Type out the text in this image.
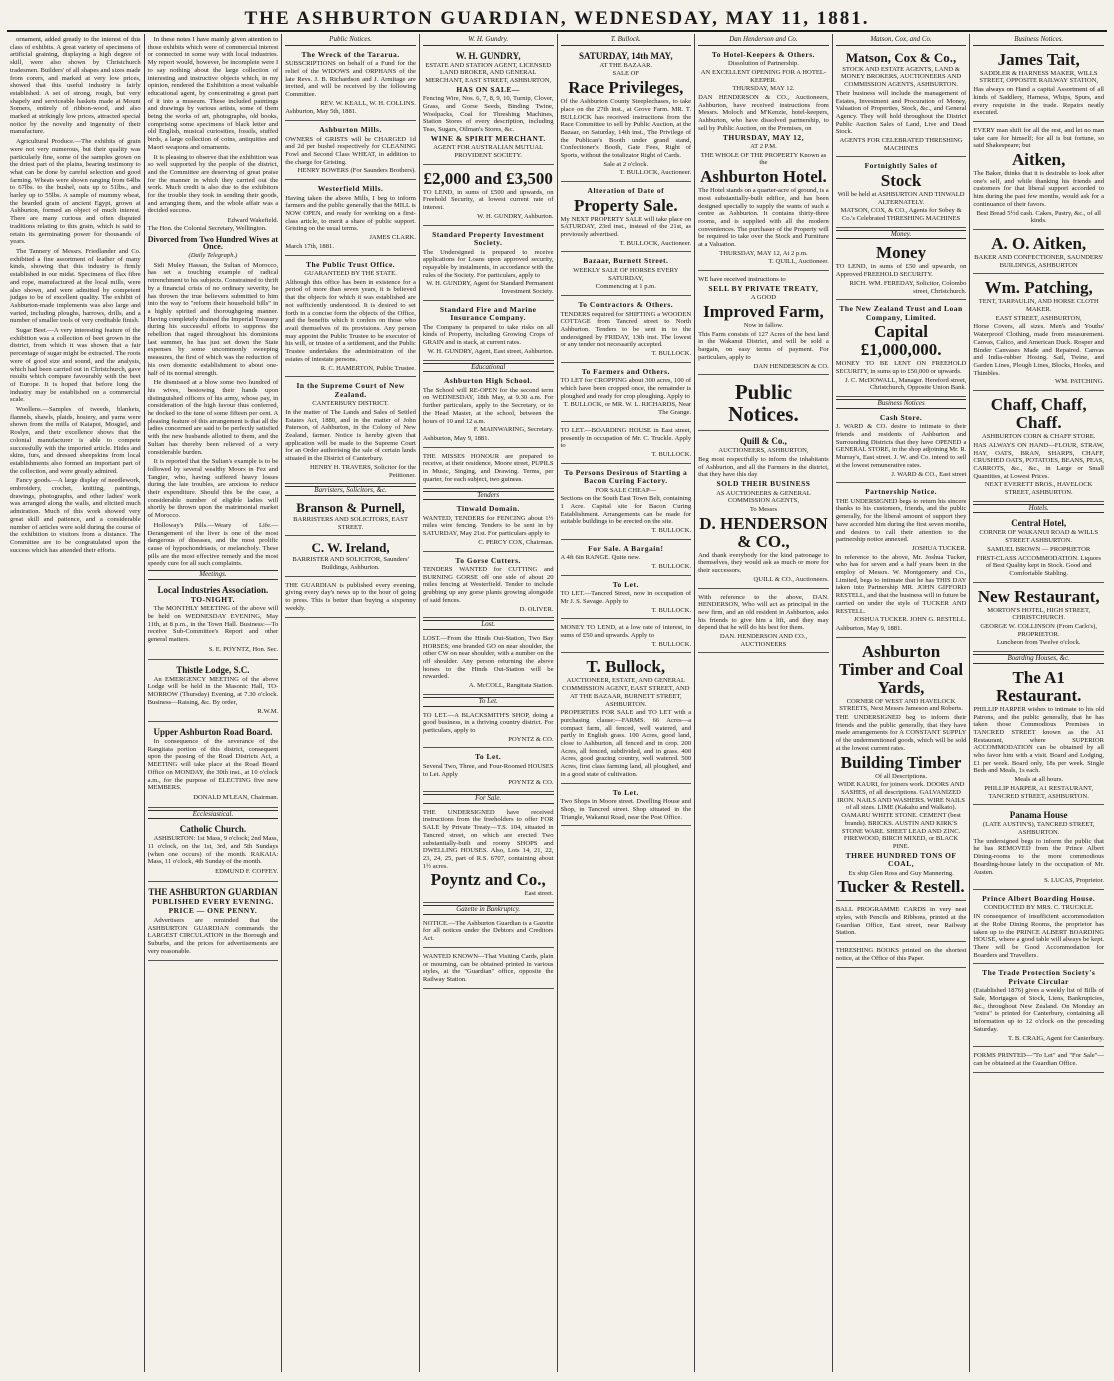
THE ASHBURTON GUARDIAN, WEDNESDAY, MAY 11, 1881.

ornament, added greatly to the interest of this class of exhibits. A great variety of specimens of artificial graining, displaying a high degree of skill, were also shown by Christchurch tradesmen. Builders' of all shapes and sizes made from corers, and marked at very low prices, showed that this useful industry is fairly established. A set of strong, rough, but very shapely and serviceable baskets made at Mount Somers, entirely of ribbon-wood, and also marked at strikingly low prices, attracted special notice by the novelty and ingenuity of their manufacture.

Agricultural Produce.—The exhibits of grain were not very numerous, but their quality was particularly fine, some of the samples grown on the driest part of the plains, bearing testimony to what can be done by careful selection and good farming. Wheats were shown ranging from 64lbs to 67lbs. to the bushel, oats up to 51lbs., and barley up to 55lbs. A sample of mummy wheat, the bearded grain of ancient Egypt, grown at Ashburton, formed an object of much interest. There are many curious and often disputed traditions relating to this grain, which is said to retain its germinating power for thousands of years.

The Tannery of Messrs. Friedlander and Co. exhibited a fine assortment of leather of many kinds, showing that this industry is firmly established in our midst. Specimens of flax fibre and rope, manufactured at the local mills, were also shown, and were admitted by competent judges to be of excellent quality. The exhibit of Ashburton-made implements was also large and varied, including ploughs, harrows, drills, and a number of smaller tools of very creditable finish.

Sugar Beet.—A very interesting feature of the exhibition was a collection of beet grown in the district, from which it was shown that a fair percentage of sugar might be extracted. The roots were of good size and sound, and the analysis, which had been carried out in Christchurch, gave results which compare favourably with the beet of Europe. It is hoped that before long the industry may be established on a commercial scale.

Woollens.—Samples of tweeds, blankets, flannels, shawls, plaids, hosiery, and yarns were shown from the mills of Kaiapoi, Mosgiel, and Roslyn, and their excellence shows that the colonial manufacturer is able to compete successfully with the imported article. Hides and skins, furs, and dressed sheepskins from local establishments also formed an important part of the collection, and were greatly admired.

Fancy goods.—A large display of needlework, embroidery, crochet, knitting, paintings, drawings, photographs, and other ladies' work was arranged along the walls, and elicited much admiration. Much of this work showed very great skill and patience, and a considerable number of articles were sold during the course of the exhibition to visitors from a distance. The Committee are to be congratulated upon the success which has attended their efforts.

In these notes I have mainly given attention to those exhibits which were of commercial interest or connected in some way with local industries. My report would, however, be incomplete were I to say nothing about the large collection of interesting and instructive objects which, in my opinion, rendered the Exhibition a most valuable educational agent, by concentrating a great part of it into a museum. These included paintings and drawings by various artists, some of them being the works of art, photographs, old books, comprising some specimens of black letter and old English, musical curiosities, fossils, stuffed birds, a large collection of coins, antiquities and Maori weapons and ornaments.

It is pleasing to observe that the exhibition was so well supported by the people of the district, and the Committee are deserving of great praise for the manner in which they carried out the work. Much credit is also due to the exhibitors for the trouble they took in sending their goods, and arranging them, and the whole affair was a decided success.

Edward Wakefield.
The Hon. the Colonial Secretary, Wellington.
Divorced from Two Hundred Wives at Once.
(Daily Telegraph.)

Sidi Muley Hassan, the Sultan of Morocco, has set a touching example of radical retrenchment to his subjects. Constrained to thrift by a financial crisis of no ordinary severity, he has thrown the true believers submitted to him into the way to "reform their household bills" in a highly spirited and thoroughgoing manner. Having completely drained the Imperial Treasury during his successful efforts to suppress the rebellion that raged throughout his dominions last summer, he has just set down the State expenses by some uncommonly sweeping measures, the first of which was the reduction of his own domestic establishment to about one-half of its normal strength.

He dismissed at a blow some two hundred of his wives, bestowing their hands upon distinguished officers of his army, whose pay, in consideration of the high favour thus conferred, he docked to the tune of some fifteen per cent. A pleasing feature of this arrangement is that all the ladies concerned are said to be perfectly satisfied with the new husbands allotted to them, and the Sultan has thereby been relieved of a very considerable burden.

It is reported that the Sultan's example is to be followed by several wealthy Moors in Fez and Tangier, who, having suffered heavy losses during the late troubles, are anxious to reduce their expenditure. Should this be the case, a considerable number of eligible ladies will shortly be thrown upon the matrimonial market of Morocco.

Holloway's Pills.—Weary of Life.—Derangement of the liver is one of the most dangerous of diseases, and the most prolific cause of hypochondriasis, or melancholy. These pills are the most effective remedy and the most speedy cure for all such complaints.

Meetings.
Local Industries Association.
TO-NIGHT.

The MONTHLY MEETING of the above will be held on WEDNESDAY EVENING, May 11th, at 8 p.m., in the Town Hall. Business:—To receive Sub-Committee's Report and other general matters.

S. E. POYNTZ, Hon. Sec.

Thistle Lodge, S.C.

An EMERGENCY MEETING of the above Lodge will be held in the Masonic Hall, TO-MORROW (Thursday) Evening, at 7.30 o'clock. Business—Raising, &c. By order,

R.W.M.

Upper Ashburton Road Board.

In consequence of the severance of the Rangitata portion of this district, consequent upon the passing of the Road Districts Act, a MEETING will take place at the Road Board Office on MONDAY, the 30th inst., at 10 o'clock a.m., for the purpose of ELECTING five new MEMBERS.

DONALD M'LEAN, Chairman.

Ecclesiastical.
Catholic Church.

ASHBURTON: 1st Mass, 9 o'clock; 2nd Mass, 11 o'clock, on the 1st, 3rd, and 5th Sundays (when one occurs) of the month. RAKAIA: Mass, 11 o'clock, 4th Sunday of the month.

EDMUND F. COFFEY.

THE ASHBURTON GUARDIAN
PUBLISHED EVERY EVENING.
PRICE — ONE PENNY.

Advertisers are reminded that the ASHBURTON GUARDIAN commands the LARGEST CIRCULATION in the Borough and Suburbs, and the prices for advertisements are very reasonable.

Public Notices.
The Wreck of the Tararua.

SUBSCRIPTIONS on behalf of a Fund for the relief of the WIDOWS and ORPHANS of the late Revs. J. B. Richardson and J. Armitage are invited, and will be received by the following Committee.

REV. W. KEALL, W. H. COLLINS.

Ashburton, May 5th, 1881.

Ashburton Mills.

OWNERS of GRISTS will be CHARGED 1d and 2d per bushel respectively for CLEANING Fowl and Second Class WHEAT, in addition to the charge for Gristing.

HENRY BOWERS (For Saunders Brothers).

Westerfield Mills.

Having taken the above Mills, I beg to inform farmers and the public generally that the MILL is NOW OPEN, and ready for working on a first-class article, to merit a share of public support. Gristing on the usual terms.

JAMES CLARK.

March 17th, 1881.

The Public Trust Office.

GUARANTEED BY THE STATE.

Although this office has been in existence for a period of more than seven years, it is believed that the objects for which it was established are not sufficiently understood. It is desired to set forth in a concise form the objects of the Office, and the benefits which it confers on those who avail themselves of its provisions. Any person may appoint the Public Trustee to be executor of his will, or trustee of a settlement, and the Public Trustee undertakes the administration of the estates of intestate persons.

R. C. HAMERTON, Public Trustee.

In the Supreme Court of New Zealand.

CANTERBURY DISTRICT.

In the matter of The Lands and Sales of Settled Estates Act, 1880, and in the matter of John Paterson, of Ashburton, in the Colony of New Zealand, farmer. Notice is hereby given that application will be made to the Supreme Court for an Order authorising the sale of certain lands situated in the District of Canterbury.

HENRY H. TRAVERS, Solicitor for the Petitioner.

Barristers, Solicitors, &c.
Branson & Purnell,

BARRISTERS AND SOLICITORS, EAST STREET.

C. W. Ireland,

BARRISTER AND SOLICITOR, Saunders' Buildings, Ashburton.

THE GUARDIAN is published every evening, giving every day's news up to the hour of going to press. This is better than buying a sixpenny weekly.

W. H. Gundry.
W. H. GUNDRY,

ESTATE AND STATION AGENT, LICENSED LAND BROKER, AND GENERAL MERCHANT, EAST STREET, ASHBURTON,

HAS ON SALE—

Fencing Wire, Nos. 6, 7, 8, 9, 10, Turnip, Clover, Grass, and Gorse Seeds, Binding Twine, Woolpacks, Coal for Threshing Machines, Station Stores of every description, including Teas, Sugars, Oilman's Stores, &c.

WINE & SPIRIT MERCHANT.

AGENT FOR AUSTRALIAN MUTUAL PROVIDENT SOCIETY.

£2,000 and £3,500

TO LEND, in sums of £500 and upwards, on Freehold Security, at lowest current rate of interest.

W. H. GUNDRY, Ashburton.

Standard Property Investment Society.

The Undersigned is prepared to receive applications for Loans upon approved security, repayable by instalments, in accordance with the rules of the Society. For particulars, apply to

W. H. GUNDRY, Agent for Standard Permanent Investment Society.

Standard Fire and Marine Insurance Company.

The Company is prepared to take risks on all kinds of Property, including Growing Crops of GRAIN and in stack, at current rates.

W. H. GUNDRY, Agent, East street, Ashburton.

Educational
Ashburton High School.

The School will RE-OPEN for the second term on WEDNESDAY, 18th May, at 9.30 a.m. For further particulars, apply to the Secretary, or to the Head Master, at the school, between the hours of 10 and 12 a.m.

F. MAINWARING, Secretary.

Ashburton, May 9, 1881.

THE MISSES HONOUR are prepared to receive, at their residence, Moore street, PUPILS in Music, Singing, and Drawing. Terms, per quarter, for each subject, two guineas.

Tenders
Tinwald Domain.

WANTED, TENDERS for FENCING about 1½ miles wire fencing. Tenders to be sent in by SATURDAY, May 21st. For particulars apply to

C. PERCY COX, Chairman.

To Gorse Cutters.

TENDERS WANTED for CUTTING and BURNING GORSE off one side of about 20 miles fencing at Westerfield. Tender to include grubbing up any gorse plants growing alongside of said fences.

D. OLIVER.

Lost.

LOST.—From the Hinds Out-Station, Two Bay HORSES; one branded GO on near shoulder, the other CW on near shoulder, with a number on the off shoulder. Any person returning the above horses to the Hinds Out-Station will be rewarded.

A. McCOLL, Rangitata Station.

To Let.

TO LET.—A BLACKSMITH'S SHOP, doing a good business, in a thriving country district. For particulars, apply to

POYNTZ & CO.

To Let.

Several Two, Three, and Four-Roomed HOUSES to Let. Apply

POYNTZ & CO.

For Sale.

THE UNDERSIGNED have received instructions from the freeholders to offer FOR SALE by Private Treaty—T.S. 104, situated in Tancred street, on which are erected Two substantially-built and roomy SHOPS and DWELLING HOUSES. Also, Lots 14, 21, 22, 23, 24, 25, part of R.S. 6707, containing about 1½ acres.

Poyntz and Co.,

East street.

Gazette in Bankruptcy.

NOTICE.—The Ashburton Guardian is a Gazette for all notices under the Debtors and Creditors Act.

WANTED KNOWN—That Visiting Cards, plain or mourning, can be obtained printed in various styles, at the "Guardian" office, opposite the Railway Station.

T. Bullock.
SATURDAY, 14th MAY,

AT THE BAZAAR.

SALE OF

Race Privileges,

Of the Ashburton County Steeplechases, to take place on the 27th inst., at Grove Farm. MR. T. BULLOCK has received instructions from the Race Committee to sell by Public Auction, at the Bazaar, on Saturday, 14th inst., The Privilege of the Publican's Booth under grand stand, Confectioner's Booth, Gate Fees, Right of Sports, without the totalizator Right of Cards.

Sale at 2 o'clock.

T. BULLOCK, Auctioneer.

Alteration of Date of
Property Sale.

My NEXT PROPERTY SALE will take place on SATURDAY, 23rd inst., instead of the 21st, as previously advertised.

T. BULLOCK, Auctioneer.

Bazaar, Burnett Street.

WEEKLY SALE OF HORSES EVERY SATURDAY,

Commencing at 1 p.m.

To Contractors & Others.

TENDERS required for SHIFTING a WOODEN COTTAGE from Tancred street to North Ashburton. Tenders to be sent in to the undersigned by FRIDAY, 13th inst. The lowest or any tender not necessarily accepted.

T. BULLOCK.

To Farmers and Others.

TO LET for CROPPING about 300 acres, 100 of which have been cropped once, the remainder is ploughed and ready for crop ploughing. Apply to

T. BULLOCK, or MR. W. L. RICHARDS, Near The Grange.

TO LET.—BOARDING HOUSE in East street, presently in occupation of Mr. C. Truckle. Apply to

T. BULLOCK.

To Persons Desirous of Starting a Bacon Curing Factory.

FOR SALE CHEAP—

Sections on the South East Town Belt, containing 1 Acre. Capital site for Bacon Curing Establishment. Arrangements can be made for suitable buildings to be erected on the site.

T. BULLOCK.

For Sale. A Bargain!

A 4ft 6in RANGE. Quite new.

T. BULLOCK.

To Let.

TO LET.—Tancred Street, now in occupation of Mr J. S. Savage. Apply to

T. BULLOCK.

MONEY TO LEND, at a low rate of interest, in sums of £50 and upwards. Apply to

T. BULLOCK.

T. Bullock,

AUCTIONEER, ESTATE, AND GENERAL COMMISSION AGENT, EAST STREET, AND AT THE BAZAAR, BURNETT STREET, ASHBURTON.

PROPERTIES FOR SALE and TO LET with a purchasing clause:—FARMS. 66 Acres—a compact farm, all fenced, well watered, and partly in English grass. 100 Acres, good land, close to Ashburton, all fenced and in crop. 200 Acres, all fenced, subdivided, and in grass. 400 Acres, good grazing country, well watered. 500 Acres, first class farming land, all ploughed, and in a good state of cultivation.

To Let.

Two Shops in Moore street. Dwelling House and Shop, in Tancred street. Shop situated in the Triangle, Wakanui Road, near the Post Office.

Dan Henderson and Co.
To Hotel-Keepers & Others.

Dissolution of Partnership.

AN EXCELLENT OPENING FOR A HOTEL-KEEPER.

THURSDAY, MAY 12.

DAN HENDERSON & CO., Auctioneers, Ashburton, have received instructions from Messrs. Moloch and M'Kenzie, hotel-keepers, Ashburton, who have dissolved partnership, to sell by Public Auction, on the Premises, on

THURSDAY, MAY 12,

AT 2 P.M.

THE WHOLE OF THE PROPERTY Known as the

Ashburton Hotel.

The Hotel stands on a quarter-acre of ground, is a most substantially-built edifice, and has been designed specially to supply the wants of such a centre as Ashburton. It contains thirty-three rooms, and is supplied with all the modern conveniences. The purchaser of the Property will be required to take over the Stock and Furniture at a Valuation.

THURSDAY, MAY 12, At 2 p.m.

T. QUILL, Auctioneer.

WE have received instructions to

SELL BY PRIVATE TREATY,

A GOOD

Improved Farm,

Now in fallow.

This Farm consists of 127 Acres of the best land in the Wakanui District, and will be sold a bargain, on easy terms of payment. For particulars, apply to

DAN HENDERSON & CO.

Public Notices.
Quill & Co.,

AUCTIONEERS, ASHBURTON,

Beg most respectfully to inform the inhabitants of Ashburton, and all the Farmers in the district, that they have this day

SOLD THEIR BUSINESS

AS AUCTIONEERS & GENERAL COMMISSION AGENTS,

To Messrs

D. HENDERSON & CO.,

And thank everybody for the kind patronage to themselves, they would ask as much or more for their successors.

QUILL & CO., Auctioneers.

With reference to the above, DAN. HENDERSON, Who will act as principal in the new firm, and an old resident in Ashburton, asks his friends to give him a lift, and they may depend that he will do his best for them.

DAN. HENDERSON AND CO., AUCTIONEERS

Matson, Cox, and Co.
Matson, Cox & Co.,

STOCK AND ESTATE AGENTS, LAND & MONEY BROKERS, AUCTIONEERS AND COMMISSION AGENTS, ASHBURTON.

Their business will include the management of Estates, Investment and Procuration of Money, Valuation of Properties, Stock, &c., and General Agency. They will hold throughout the District Public Auction Sales of Land, Live and Dead Stock.

AGENTS FOR CELEBRATED THRESHING MACHINES

Fortnightly Sales of
Stock

Will be held at ASHBURTON AND TINWALD ALTERNATELY.

MATSON, COX, & CO., Agents for Sobey & Co.'s Celebrated THRESHING MACHINES

Money.
Money

TO LEND, in sums of £50 and upwards, on Approved FREEHOLD SECURITY.

RICH. WM. FEREDAY, Solicitor, Colombo street, Christchurch.

The New Zealand Trust and Loan Company, Limited.
Capital £1,000,000.

MONEY TO BE LENT ON FREEHOLD SECURITY, in sums up to £50,000 or upwards.

J. C. McDOWALL, Manager. Hereford street, Christchurch, Opposite Union Bank.

Business Notices
Cash Store.

J. WARD & CO. desire to intimate to their friends and residents of Ashburton and Surrounding Districts that they have OPENED a GENERAL STORE, in the shop adjoining Mr. R. Murray's, East street. J. W. and Co. intend to sell at the lowest remunerative rates.

J. WARD & CO., East street

Partnership Notice.

THE UNDERSIGNED begs to return his sincere thanks to his customers, friends, and the public generally, for the liberal amount of support they have accorded him during the first seven months, and desires to call their attention to the partnership notice annexed.

JOSHUA TUCKER.

In reference to the above, Mr. Joshua Tucker, who has for seven and a half years been in the employ of Messrs. W. Montgomery and Co., Limited, begs to intimate that he has THIS DAY taken into Partnership MR. JOHN GIFFORD RESTELL, and that the business will in future be carried on under the style of TUCKER AND RESTELL.

JOSHUA TUCKER. JOHN G. RESTELL.

Ashburton, May 9, 1881.

Ashburton Timber and Coal Yards,

CORNER OF WEST AND HAVELOCK STREETS, Next Messrs Jameson and Roberts.

THE UNDERSIGNED beg to inform their friends and the public generally, that they have made arrangements for A CONSTANT SUPPLY of the undermentioned goods, which will be sold at the lowest current rates.

Building Timber

Of all Descriptions.

WIDE KAURI, for joiners work. DOORS AND SASHES, of all descriptions. GALVANIZED IRON. NAILS AND WASHERS. WIRE NAILS of all sizes. LIME (Kakahu and Walkato). OAMARU WHITE STONE. CEMENT (best brands). BRICKS. AUSTIN AND KIRK'S STONE WARE. SHEET LEAD AND ZINC. FIREWOOD, BIRCH MIXED, or BLACK PINE.

THREE HUNDRED TONS OF COAL,

Ex ship Glen Ross and Guy Mannering.

Tucker & Restell.

BALL PROGRAMME CARDS in very neat styles, with Pencils and Ribbons, printed at the Guardian Office, East street, near Railway Station.

THRESHING BOOKS printed on the shortest notice, at the Office of this Paper.

Business Notices.
James Tait,

SADDLER & HARNESS MAKER, WILLS STREET, OPPOSITE RAILWAY STATION,

Has always on Hand a capital Assortment of all kinds of Saddlery, Harness, Whips, Spurs, and every requisite in the trade. Repairs neatly executed.

EVERY man shift for all the rest, and let no man take care for himself; for all is but fortune, so said Shakespeare; but

Aitken,

The Baker, thinks that it is desirable to look after one's self, and while thanking his friends and customers for that liberal support accorded to him during the past few months, would ask for a continuance of their favors.

Best Bread 5½d cash. Cakes, Pastry, &c., of all kinds.

A. O. Aitken,

BAKER AND CONFECTIONER, SAUNDERS' BUILDINGS, ASHBURTON

Wm. Patching,

TENT, TARPAULIN, AND HORSE CLOTH MAKER.

EAST STREET, ASHBURTON,

Horse Covers, all sizes. Men's and Youths' Waterproof Clothing, made from measurement. Canvas, Calico, and American Duck. Rosper and Binder Canvases Made and Repaired. Canvas and India-rubber Hosing. Sail, Twine, and Garden Lines, Plough Lines, Blocks, Hooks, and Thimbles.

WM. PATCHING.

Chaff, Chaff, Chaff.

ASHBURTON CORN & CHAFF STORE.

HAS ALWAYS ON HAND—FLOUR, STRAW, HAY, OATS, BRAN, SHARPS, CHAFF, CRUSHED OATS, POTATOES, BEANS, PEAS, CARROTS, &c., &c., in Large or Small Quantities, at Lowest Prices.

NEXT EVERETT BROS., HAVELOCK STREET, ASHBURTON.

Hotels.
Central Hotel,

CORNER OF WAKANUI ROAD & WILLS STREET ASHBURTON.

SAMUEL BROWN — PROPRIETOR

FIRST-CLASS ACCOMMODATION. Liquors of Best Quality kept in Stock. Good and Comfortable Stabling.

New Restaurant,

MORTON'S HOTEL, HIGH STREET, CHRISTCHURCH.

GEORGE W. COLLINSON (From Carlo's), PROPRIETOR.

Luncheon from Twelve o'clock.

Boarding Houses, &c.
The A1 Restaurant.

PHILLIP HARPER wishes to intimate to his old Patrons, and the public generally, that he has taken those Commodious Premises in TANCRED STREET known as the A1 Restaurant, where SUPERIOR ACCOMMODATION can be obtained by all who favor him with a visit. Board and Lodging, £1 per week. Board only, 18s per week. Single Beds and Meals, 1s each.

Meals at all hours.

PHILLIP HARPER, A1 RESTAURANT, TANCRED STREET, ASHBURTON.

Panama House

(LATE AUSTIN'S), TANCRED STREET, ASHBURTON.

The undersigned begs to inform the public that he has REMOVED from the Prince Albert Dining-rooms to the more commodious Boarding-house lately in the occupation of Mr. Austen.

S. LUCAS, Proprietor.

Prince Albert Boarding House.

CONDUCTED BY MRS. C. TRUCKLE.

IN consequence of insufficient accommodation at the Robe Dining Rooms, the proprietor has taken up to the PRINCE ALBERT BOARDING HOUSE, where a good table will always be kept. There will be Good Accommodation for Boarders and Travellers.

The Trade Protection Society's Private Circular

(Established 1876) gives a weekly list of Bills of Sale, Mortgages of Stock, Liens, Bankruptcies, &c., throughout New Zealand. On Monday an "extra" is printed for Canterbury, containing all information up to 12 o'clock on the preceding Saturday.

T. B. CRAIG, Agent for Canterbury.

FORMS PRINTED—"To Let" and "For Sale"—can be obtained at the Guardian Office.
